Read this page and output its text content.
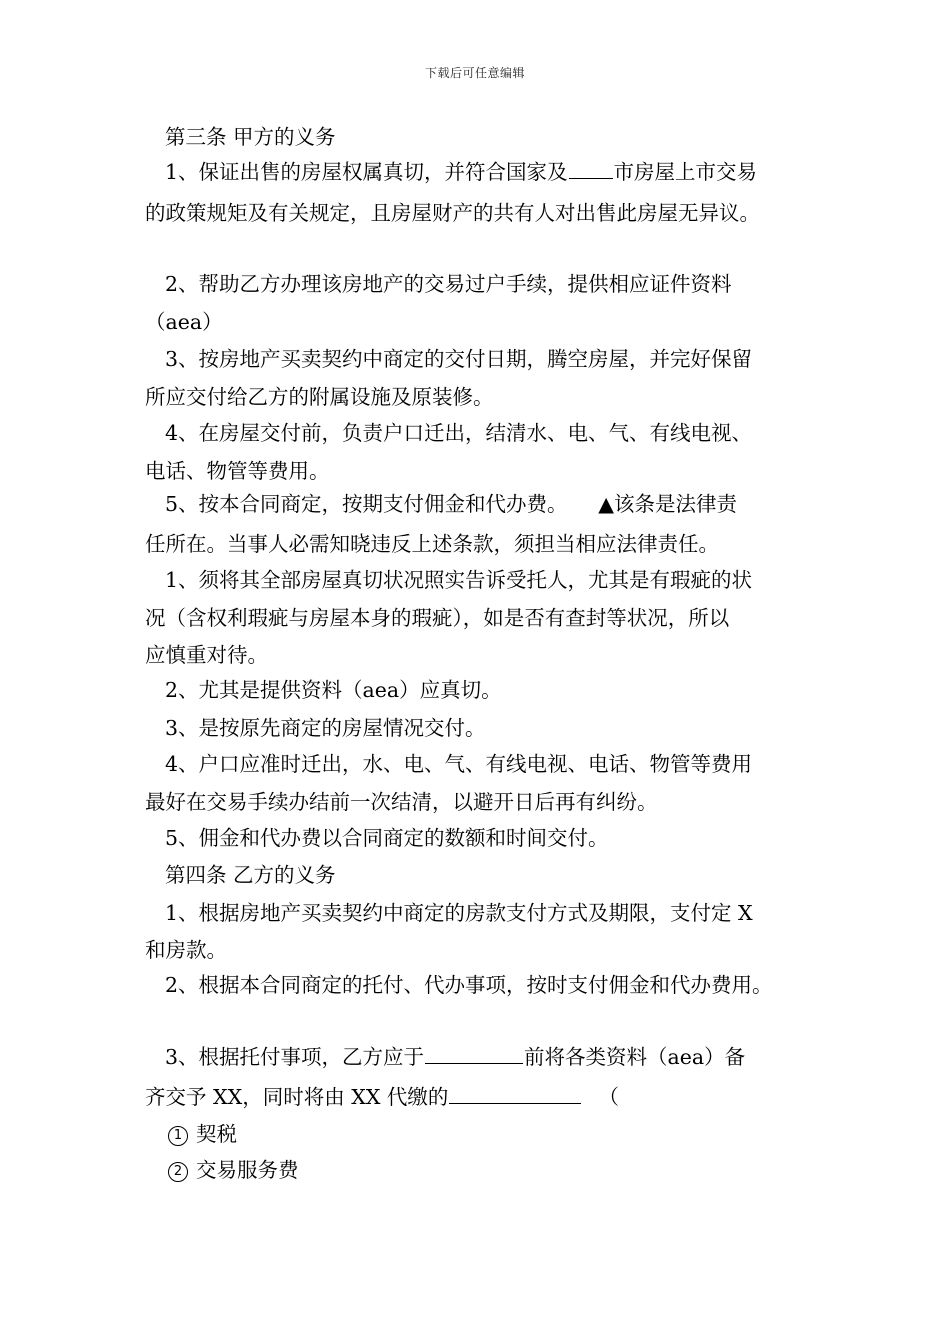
下载后可任意编辑
第三条 甲方的义务
1、保证出售的房屋权属真切，并符合国家及 市房屋上市交易
的政策规矩及有关规定，且房屋财产的共有人对出售此房屋无异议。
2、帮助乙方办理该房地产的交易过户手续，提供相应证件资料
（aea）
3、按房地产买卖契约中商定的交付日期，腾空房屋，并完好保留
所应交付给乙方的附属设施及原装修。
4、在房屋交付前，负责户口迁出，结清水、电、气、有线电视、
电话、物管等费用。
5、按本合同商定，按期支付佣金和代办费。　　▲该条是法律责
任所在。当事人必需知晓违反上述条款，须担当相应法律责任。
1、须将其全部房屋真切状况照实告诉受托人，尤其是有瑕疵的状
况（含权利瑕疵与房屋本身的瑕疵），如是否有查封等状况，所以
应慎重对待。
2、尤其是提供资料（aea）应真切。
3、是按原先商定的房屋情况交付。
4、户口应准时迁出，水、电、气、有线电视、电话、物管等费用
最好在交易手续办结前一次结清，以避开日后再有纠纷。
5、佣金和代办费以合同商定的数额和时间交付。
第四条 乙方的义务
1、根据房地产买卖契约中商定的房款支付方式及期限，支付定 X
和房款。
2、根据本合同商定的托付、代办事项，按时支付佣金和代办费用。
3、根据托付事项，乙方应于	前将各类资料（aea）备
齐交予 XX，同时将由 XX 代缴的	（
1 契税
2 交易服务费
